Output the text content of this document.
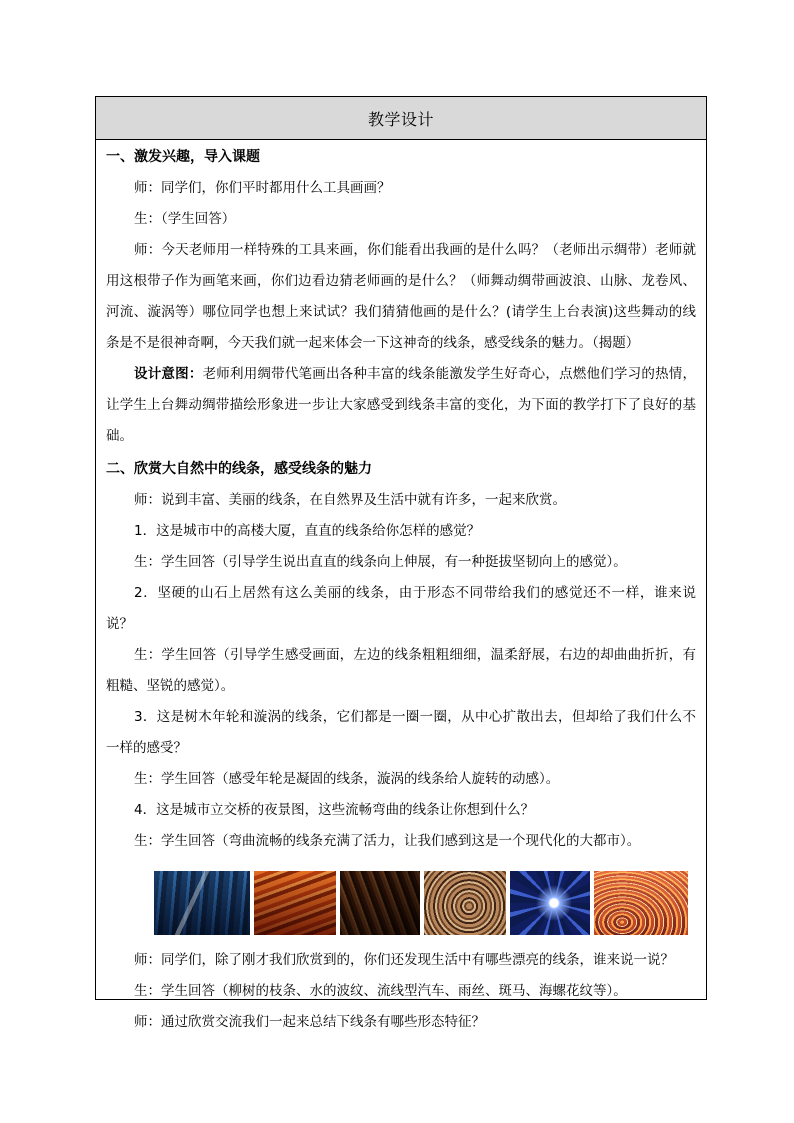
教学设计

一、激发兴趣，导入课题

师：同学们，你们平时都用什么工具画画？

生：（学生回答）

师：今天老师用一样特殊的工具来画，你们能看出我画的是什么吗？（老师出示绸带）老师就用这根带子作为画笔来画，你们边看边猜老师画的是什么？（师舞动绸带画波浪、山脉、龙卷风、河流、漩涡等）哪位同学也想上来试试？我们猜猜他画的是什么？(请学生上台表演)这些舞动的线条是不是很神奇啊，今天我们就一起来体会一下这神奇的线条，感受线条的魅力。（揭题）

设计意图：老师利用绸带代笔画出各种丰富的线条能激发学生好奇心，点燃他们学习的热情，让学生上台舞动绸带描绘形象进一步让大家感受到线条丰富的变化，为下面的教学打下了良好的基础。

二、欣赏大自然中的线条，感受线条的魅力

师：说到丰富、美丽的线条，在自然界及生活中就有许多，一起来欣赏。

1．这是城市中的高楼大厦，直直的线条给你怎样的感觉？

生：学生回答（引导学生说出直直的线条向上伸展，有一种挺拔坚韧向上的感觉）。

2．坚硬的山石上居然有这么美丽的线条，由于形态不同带给我们的感觉还不一样，谁来说说？

生：学生回答（引导学生感受画面，左边的线条粗粗细细，温柔舒展，右边的却曲曲折折，有粗糙、坚锐的感觉）。

3．这是树木年轮和漩涡的线条，它们都是一圈一圈，从中心扩散出去，但却给了我们什么不一样的感受？

生：学生回答（感受年轮是凝固的线条，漩涡的线条给人旋转的动感）。

4．这是城市立交桥的夜景图，这些流畅弯曲的线条让你想到什么？

生：学生回答（弯曲流畅的线条充满了活力，让我们感到这是一个现代化的大都市）。

师：同学们，除了刚才我们欣赏到的，你们还发现生活中有哪些漂亮的线条，谁来说一说？

生：学生回答（柳树的枝条、水的波纹、流线型汽车、雨丝、斑马、海螺花纹等）。

师：通过欣赏交流我们一起来总结下线条有哪些形态特征？
